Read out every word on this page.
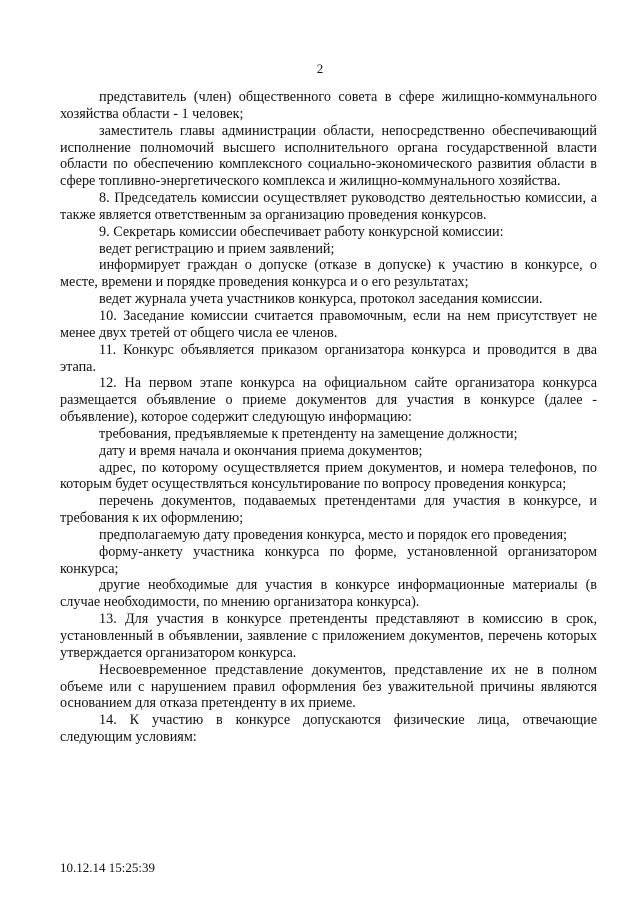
2

представитель (член) общественного совета в сфере жилищно-коммунального хозяйства области - 1 человек;

заместитель главы администрации области, непосредственно обеспечивающий исполнение полномочий высшего исполнительного органа государственной власти области по обеспечению комплексного социально-экономического развития области в сфере топливно-энергетического комплекса и жилищно-коммунального хозяйства.

8. Председатель комиссии осуществляет руководство деятельностью комиссии, а также является ответственным за организацию проведения конкурсов.

9. Секретарь комиссии обеспечивает работу конкурсной комиссии:

ведет регистрацию и прием заявлений;

информирует граждан о допуске (отказе в допуске) к участию в конкурсе, о месте, времени и порядке проведения конкурса и о его результатах;

ведет журнала учета участников конкурса, протокол заседания комиссии.

10. Заседание комиссии считается правомочным, если на нем присутствует не менее двух третей от общего числа ее членов.

11. Конкурс объявляется приказом организатора конкурса и проводится в два этапа.

12. На первом этапе конкурса на официальном сайте организатора конкурса размещается объявление о приеме документов для участия в конкурсе (далее - объявление), которое содержит следующую информацию:

требования, предъявляемые к претенденту на замещение должности;

дату и время начала и окончания приема документов;

адрес, по которому осуществляется прием документов, и номера телефонов, по которым будет осуществляться консультирование по вопросу проведения конкурса;

перечень документов, подаваемых претендентами для участия в конкурсе, и требования к их оформлению;

предполагаемую дату проведения конкурса, место и порядок его проведения;

форму-анкету участника конкурса по форме, установленной организатором конкурса;

другие необходимые для участия в конкурсе информационные материалы (в случае необходимости, по мнению организатора конкурса).

13. Для участия в конкурсе претенденты представляют в комиссию в срок, установленный в объявлении, заявление с приложением документов, перечень которых утверждается организатором конкурса.

Несвоевременное представление документов, представление их не в полном объеме или с нарушением правил оформления без уважительной причины являются основанием для отказа претенденту в их приеме.

14. К участию в конкурсе допускаются физические лица, отвечающие следующим условиям:

10.12.14 15:25:39
